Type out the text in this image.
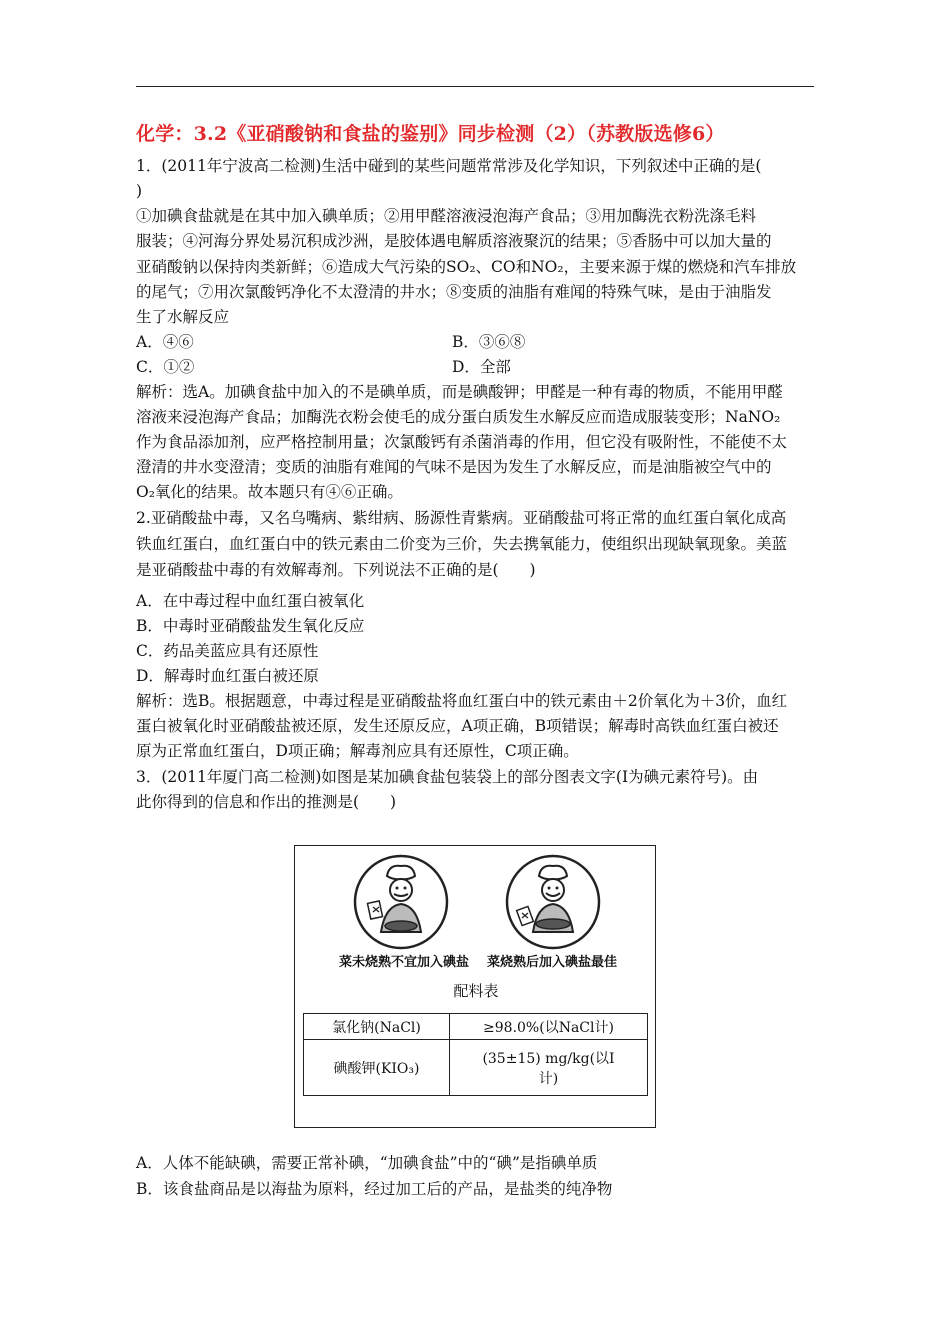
化学：3.2《亚硝酸钠和食盐的鉴别》同步检测（2）（苏教版选修6）
1．(2011年宁波高二检测)生活中碰到的某些问题常常涉及化学知识，下列叙述中正确的是(
)
①加碘食盐就是在其中加入碘单质；②用甲醛溶液浸泡海产食品；③用加酶洗衣粉洗涤毛料
服装；④河海分界处易沉积成沙洲，是胶体遇电解质溶液聚沉的结果；⑤香肠中可以加大量的
亚硝酸钠以保持肉类新鲜；⑥造成大气污染的SO₂、CO和NO₂，主要来源于煤的燃烧和汽车排放
的尾气；⑦用次氯酸钙净化不太澄清的井水；⑧变质的油脂有难闻的特殊气味，是由于油脂发
生了水解反应
A．④⑥	B．③⑥⑧
C．①②	D．全部
解析：选A。加碘食盐中加入的不是碘单质，而是碘酸钾；甲醛是一种有毒的物质，不能用甲醛
溶液来浸泡海产食品；加酶洗衣粉会使毛的成分蛋白质发生水解反应而造成服装变形；NaNO₂
作为食品添加剂，应严格控制用量；次氯酸钙有杀菌消毒的作用，但它没有吸附性，不能使不太
澄清的井水变澄清；变质的油脂有难闻的气味不是因为发生了水解反应，而是油脂被空气中的
O₂氧化的结果。故本题只有④⑥正确。
2.亚硝酸盐中毒，又名乌嘴病、紫绀病、肠源性青紫病。亚硝酸盐可将正常的血红蛋白氧化成高
铁血红蛋白，血红蛋白中的铁元素由二价变为三价，失去携氧能力，使组织出现缺氧现象。美蓝
是亚硝酸盐中毒的有效解毒剂。下列说法不正确的是(　　)
A．在中毒过程中血红蛋白被氧化
B．中毒时亚硝酸盐发生氧化反应
C．药品美蓝应具有还原性
D．解毒时血红蛋白被还原
解析：选B。根据题意，中毒过程是亚硝酸盐将血红蛋白中的铁元素由＋2价氧化为＋3价，血红
蛋白被氧化时亚硝酸盐被还原，发生还原反应，A项正确，B项错误；解毒时高铁血红蛋白被还
原为正常血红蛋白，D项正确；解毒剂应具有还原性，C项正确。
3．(2011年厦门高二检测)如图是某加碘食盐包装袋上的部分图表文字(I为碘元素符号)。由
此你得到的信息和作出的推测是(　　)
菜未烧熟不宜加入碘盐 菜烧熟后加入碘盐最佳
配料表
氯化钠(NaCl)	≥98.0%(以NaCl计)
碘酸钾(KIO₃)	(35±15) mg/kg(以I
计)
A．人体不能缺碘，需要正常补碘，“加碘食盐”中的“碘”是指碘单质
B．该食盐商品是以海盐为原料，经过加工后的产品，是盐类的纯净物
